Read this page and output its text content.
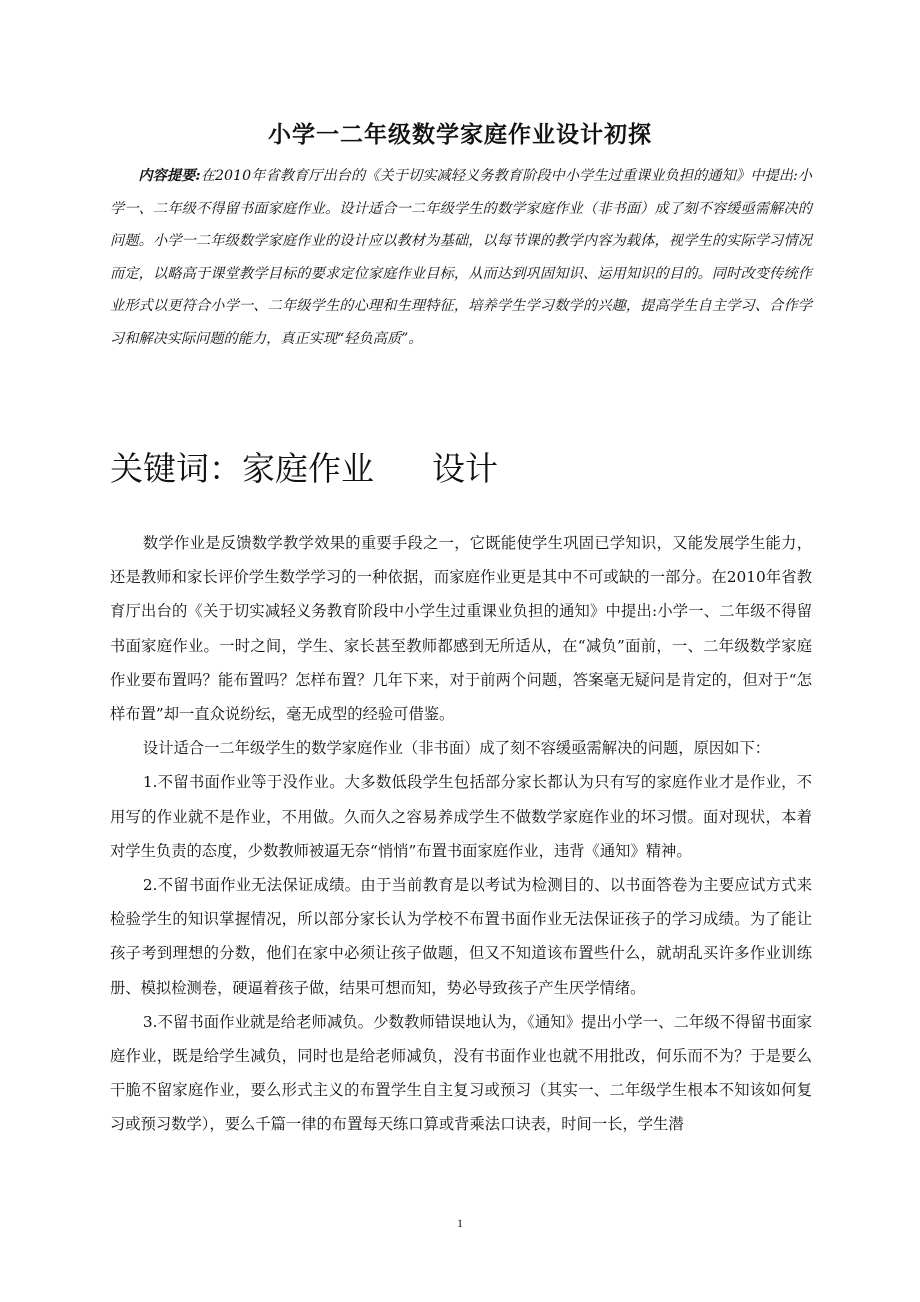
小学一二年级数学家庭作业设计初探

内容提要:在2010年省教育厅出台的《关于切实减轻义务教育阶段中小学生过重课业负担的通知》中提出:小学一、二年级不得留书面家庭作业。设计适合一二年级学生的数学家庭作业（非书面）成了刻不容缓亟需解决的问题。小学一二年级数学家庭作业的设计应以教材为基础，以每节课的教学内容为载体，视学生的实际学习情况而定，以略高于课堂教学目标的要求定位家庭作业目标，从而达到巩固知识、运用知识的目的。同时改变传统作业形式以更符合小学一、二年级学生的心理和生理特征，培养学生学习数学的兴趣，提高学生自主学习、合作学习和解决实际问题的能力，真正实现“轻负高质”。

关键词：家庭作业 设计

数学作业是反馈数学教学效果的重要手段之一，它既能使学生巩固已学知识，又能发展学生能力，还是教师和家长评价学生数学学习的一种依据，而家庭作业更是其中不可或缺的一部分。在2010年省教育厅出台的《关于切实减轻义务教育阶段中小学生过重课业负担的通知》中提出:小学一、二年级不得留书面家庭作业。一时之间，学生、家长甚至教师都感到无所适从，在“减负”面前，一、二年级数学家庭作业要布置吗？能布置吗？怎样布置？几年下来，对于前两个问题，答案毫无疑问是肯定的，但对于“怎样布置”却一直众说纷纭，毫无成型的经验可借鉴。

设计适合一二年级学生的数学家庭作业（非书面）成了刻不容缓亟需解决的问题，原因如下：

1.不留书面作业等于没作业。大多数低段学生包括部分家长都认为只有写的家庭作业才是作业，不用写的作业就不是作业，不用做。久而久之容易养成学生不做数学家庭作业的坏习惯。面对现状，本着对学生负责的态度，少数教师被逼无奈“悄悄”布置书面家庭作业，违背《通知》精神。

2.不留书面作业无法保证成绩。由于当前教育是以考试为检测目的、以书面答卷为主要应试方式来检验学生的知识掌握情况，所以部分家长认为学校不布置书面作业无法保证孩子的学习成绩。为了能让孩子考到理想的分数，他们在家中必须让孩子做题，但又不知道该布置些什么，就胡乱买许多作业训练册、模拟检测卷，硬逼着孩子做，结果可想而知，势必导致孩子产生厌学情绪。

3.不留书面作业就是给老师减负。少数教师错误地认为，《通知》提出小学一、二年级不得留书面家庭作业，既是给学生减负，同时也是给老师减负，没有书面作业也就不用批改，何乐而不为？于是要么干脆不留家庭作业，要么形式主义的布置学生自主复习或预习（其实一、二年级学生根本不知该如何复习或预习数学），要么千篇一律的布置每天练口算或背乘法口诀表，时间一长，学生潜

1
